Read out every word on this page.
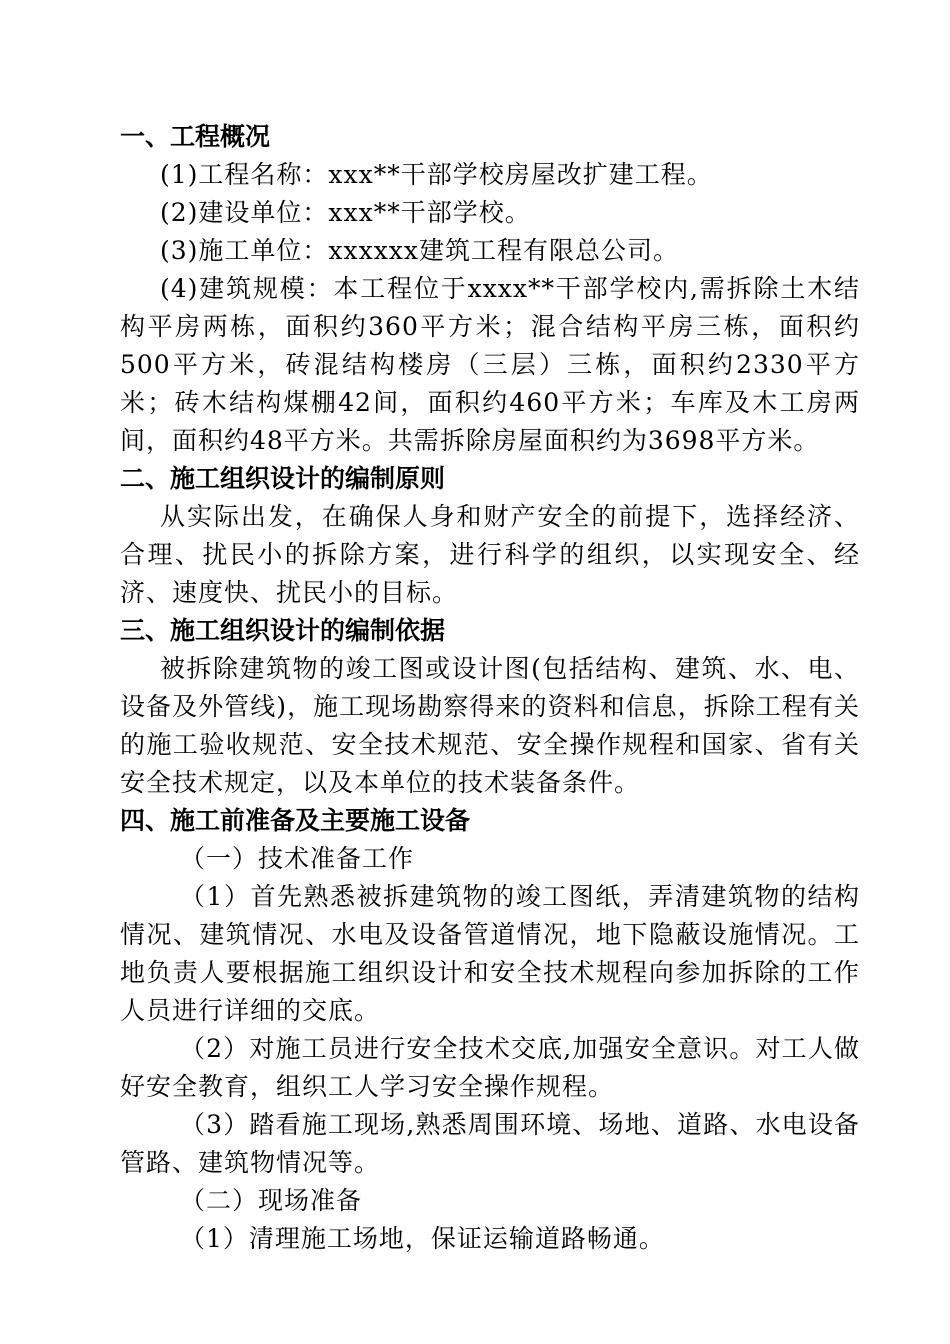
一、工程概况

(1)工程名称：xxx**干部学校房屋改扩建工程。

(2)建设单位：xxx**干部学校。

(3)施工单位：xxxxxx建筑工程有限总公司。

(4)建筑规模：本工程位于xxxx**干部学校内,需拆除土木结构平房两栋，面积约360平方米；混合结构平房三栋，面积约500平方米，砖混结构楼房（三层）三栋，面积约2330平方米；砖木结构煤棚42间，面积约460平方米；车库及木工房两间，面积约48平方米。共需拆除房屋面积约为3698平方米。

二、施工组织设计的编制原则

从实际出发，在确保人身和财产安全的前提下，选择经济、合理、扰民小的拆除方案，进行科学的组织，以实现安全、经济、速度快、扰民小的目标。

三、施工组织设计的编制依据

被拆除建筑物的竣工图或设计图(包括结构、建筑、水、电、设备及外管线)，施工现场勘察得来的资料和信息，拆除工程有关的施工验收规范、安全技术规范、安全操作规程和国家、省有关安全技术规定，以及本单位的技术装备条件。

四、施工前准备及主要施工设备

（一）技术准备工作

（1）首先熟悉被拆建筑物的竣工图纸，弄清建筑物的结构情况、建筑情况、水电及设备管道情况，地下隐蔽设施情况。工地负责人要根据施工组织设计和安全技术规程向参加拆除的工作人员进行详细的交底。

（2）对施工员进行安全技术交底,加强安全意识。对工人做好安全教育，组织工人学习安全操作规程。

（3）踏看施工现场,熟悉周围环境、场地、道路、水电设备管路、建筑物情况等。

（二）现场准备

（1）清理施工场地，保证运输道路畅通。
